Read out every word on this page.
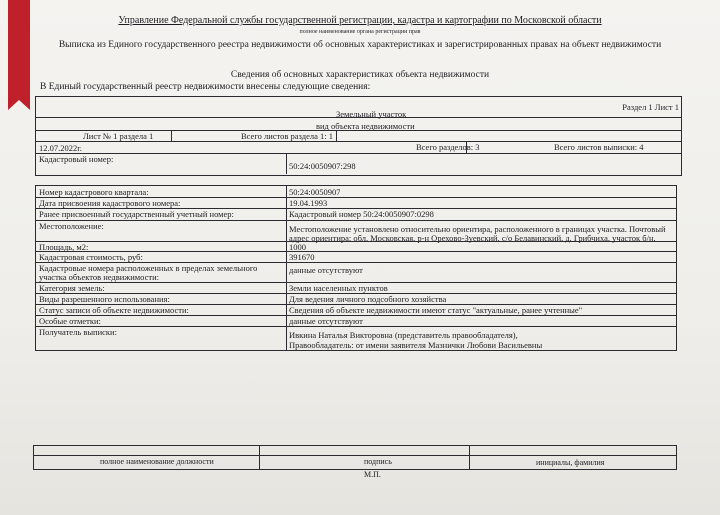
Управление Федеральной службы государственной регистрации, кадастра и картографии по Московской области
полное наименование органа регистрации прав
Выписка из Единого государственного реестра недвижимости об основных характеристиках и зарегистрированных правах на объект недвижимости
Сведения об основных характеристиках объекта недвижимости
В Единый государственный реестр недвижимости внесены следующие сведения:
Раздел 1 Лист 1
Земельный участок
вид объекта недвижимости
Лист № 1 раздела 1	Всего листов раздела 1: 1
Всего разделов: 3	Всего листов выписки: 4
12.07.2022г.
Кадастровый номер:
50:24:0050907:298
Номер кадастрового квартала:	50:24:0050907
Дата присвоения кадастрового номера:	19.04.1993
Ранее присвоенный государственный учетный номер:	Кадастровый номер 50:24:0050907:0298
Местоположение:	Местоположение установлено относительно ориентира, расположенного в границах участка. Почтовый
адрес ориентира: обл. Московская, р-н Орехово-Зуевский, с/о Белавинский, д. Грибчиха, участок б/н.
Площадь, м2:	1000
Кадастровая стоимость, руб:	391670
Кадастровые номера расположенных в пределах земельного
участка объектов недвижимости:
данные отсутствуют
Категория земель:	Земли населенных пунктов
Виды разрешенного использования:	Для ведения личного подсобного хозяйства
Статус записи об объекте недвижимости:	Сведения об объекте недвижимости имеют статус "актуальные, ранее учтенные"
Особые отметки:	данные отсутствуют
Получатель выписки:	Ивкина Наталья Викторовна (представитель правообладателя),
Правообладатель: от имени заявителя Мазнички Любови Васильевны
полное наименование должности	подпись	инициалы, фамилия
М.П.
